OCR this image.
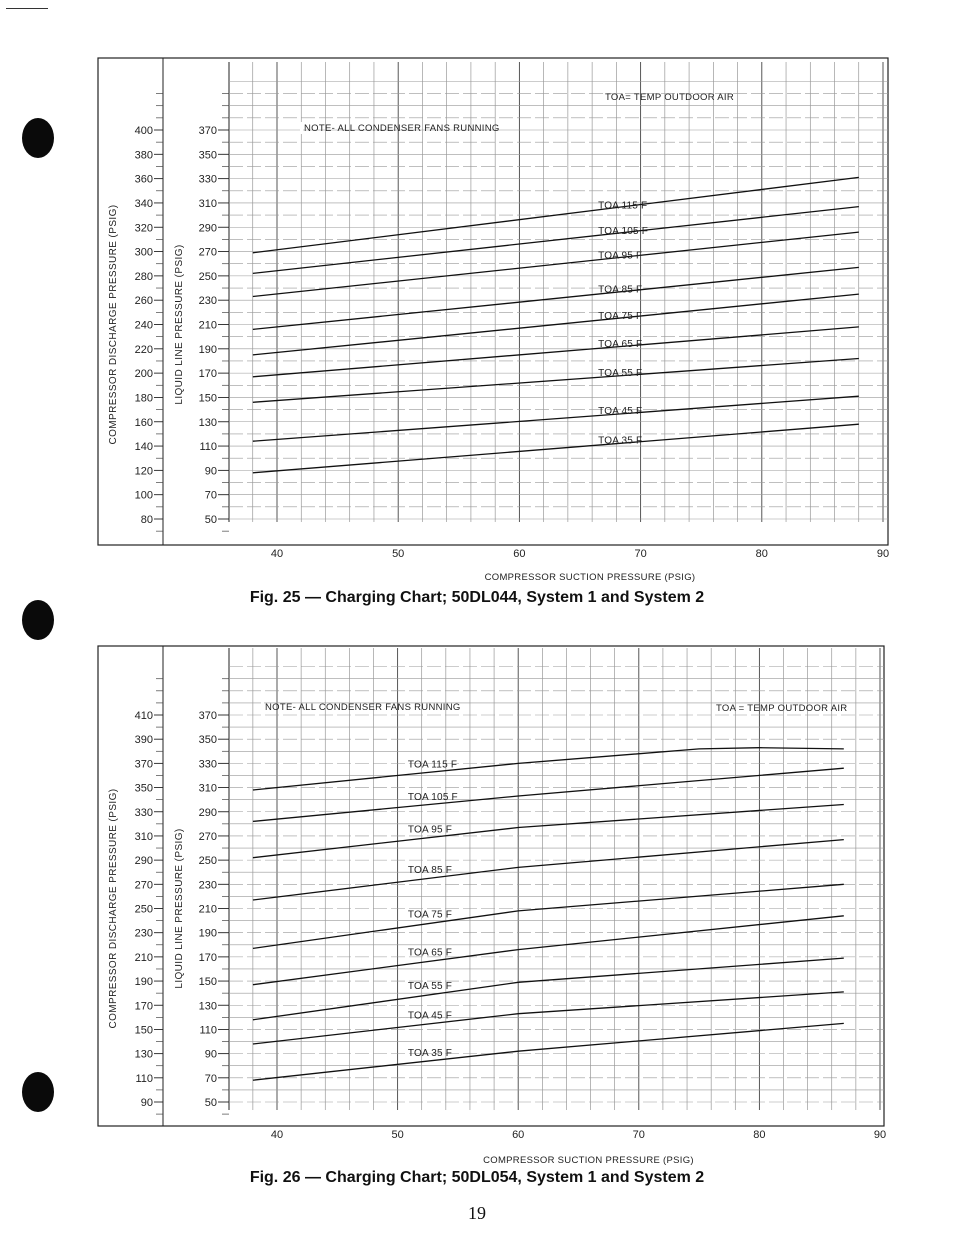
400
380
360
340
320
300
280
260
240
220
200
180
160
140
120
100
80
370
350
330
310
290
270
250
230
210
190
170
150
130
110
90
70
50
COMPRESSOR DISCHARGE PRESSURE (PSIG)	LIQUID LINE PRESSURE (PSIG)
40	50	60	70	80	90
COMPRESSOR SUCTION PRESSURE (PSIG)
NOTE- ALL CONDENSER FANS RUNNING
TOA= TEMP OUTDOOR AIR
TOA 115 F
TOA 105 F
TOA 95 F
TOA 85 F
TOA 75 F
TOA 65 F
TOA 55 F
TOA 45 F
TOA 35 F
Fig. 25 — Charging Chart; 50DL044, System 1 and System 2
410
390
370
350
330
310
290
270
250
230
210
190
170
150
130
110
90
370
350
330
310
290
270
250
230
210
190
170
150
130
110
90
70
50
COMPRESSOR DISCHARGE PRESSURE (PSIG)	LIQUID LINE PRESSURE (PSIG)
40	50	60	70	80	90
COMPRESSOR SUCTION PRESSURE (PSIG)
NOTE- ALL CONDENSER FANS RUNNING	TOA = TEMP OUTDOOR AIR
TOA 115 F
TOA 105 F
TOA 95 F
TOA 85 F
TOA 75 F
TOA 65 F
TOA 55 F
TOA 45 F
TOA 35 F
Fig. 26 — Charging Chart; 50DL054, System 1 and System 2
19
